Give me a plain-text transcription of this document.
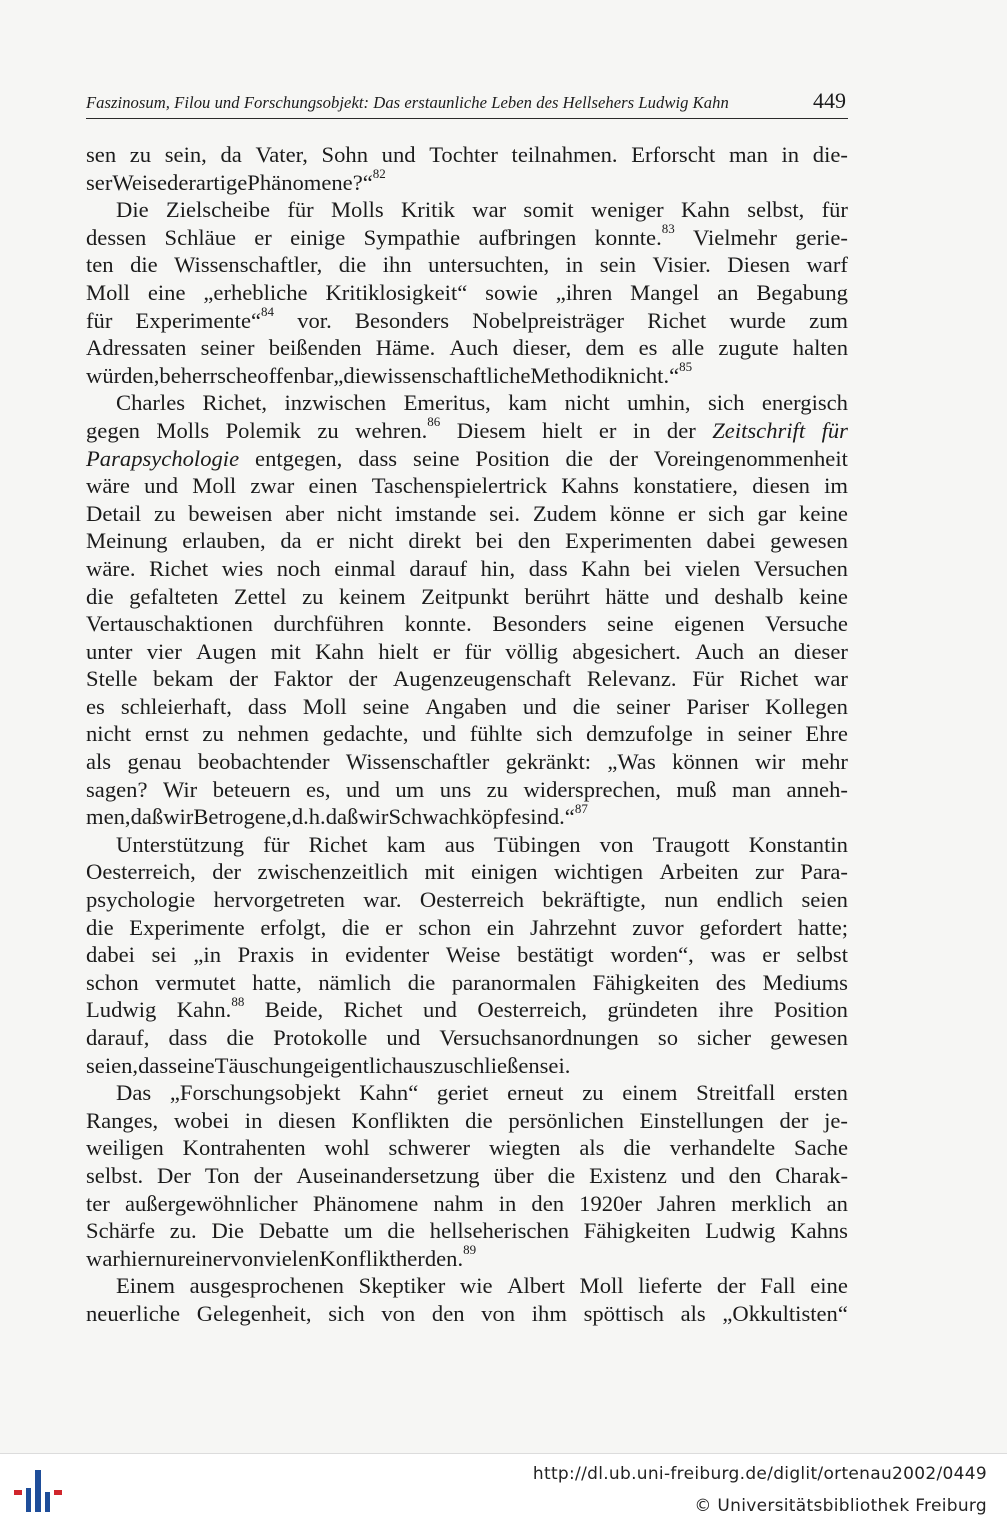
Faszinosum, Filou und Forschungsobjekt: Das erstaunliche Leben des Hellsehers Ludwig Kahn	449
sen zu sein, da Vater, Sohn und Tochter teilnahmen. Erforscht man in die-
ser Weise derartige Phänomene?“$^{82}$
Die Zielscheibe für Molls Kritik war somit weniger Kahn selbst, für
dessen Schläue er einige Sympathie aufbringen konnte.$^{83}$ Vielmehr gerie-
ten die Wissenschaftler, die ihn untersuchten, in sein Visier. Diesen warf
Moll eine „erhebliche Kritiklosigkeit“ sowie „ihren Mangel an Begabung
für Experimente“$^{84}$ vor. Besonders Nobelpreisträger Richet wurde zum
Adressaten seiner beißenden Häme. Auch dieser, dem es alle zugute halten
würden, beherrsche offenbar „die wissenschaftliche Methodik nicht.“$^{85}$
Charles Richet, inzwischen Emeritus, kam nicht umhin, sich energisch
gegen Molls Polemik zu wehren.$^{86}$ Diesem hielt er in der Zeitschrift für
Parapsychologie entgegen, dass seine Position die der Voreingenommenheit
wäre und Moll zwar einen Taschenspielertrick Kahns konstatiere, diesen im
Detail zu beweisen aber nicht imstande sei. Zudem könne er sich gar keine
Meinung erlauben, da er nicht direkt bei den Experimenten dabei gewesen
wäre. Richet wies noch einmal darauf hin, dass Kahn bei vielen Versuchen
die gefalteten Zettel zu keinem Zeitpunkt berührt hätte und deshalb keine
Vertauschaktionen durchführen konnte. Besonders seine eigenen Versuche
unter vier Augen mit Kahn hielt er für völlig abgesichert. Auch an dieser
Stelle bekam der Faktor der Augenzeugenschaft Relevanz. Für Richet war
es schleierhaft, dass Moll seine Angaben und die seiner Pariser Kollegen
nicht ernst zu nehmen gedachte, und fühlte sich demzufolge in seiner Ehre
als genau beobachtender Wissenschaftler gekränkt: „Was können wir mehr
sagen? Wir beteuern es, und um uns zu widersprechen, muß man anneh-
men, daß wir Betrogene, d.h. daß wir Schwachköpfe sind.“$^{87}$
Unterstützung für Richet kam aus Tübingen von Traugott Konstantin
Oesterreich, der zwischenzeitlich mit einigen wichtigen Arbeiten zur Para-
psychologie hervorgetreten war. Oesterreich bekräftigte, nun endlich seien
die Experimente erfolgt, die er schon ein Jahrzehnt zuvor gefordert hatte;
dabei sei „in Praxis in evidenter Weise bestätigt worden“, was er selbst
schon vermutet hatte, nämlich die paranormalen Fähigkeiten des Mediums
Ludwig Kahn.$^{88}$ Beide, Richet und Oesterreich, gründeten ihre Position
darauf, dass die Protokolle und Versuchsanordnungen so sicher gewesen
seien, dass eine Täuschung eigentlich auszuschließen sei.
Das „Forschungsobjekt Kahn“ geriet erneut zu einem Streitfall ersten
Ranges, wobei in diesen Konflikten die persönlichen Einstellungen der je-
weiligen Kontrahenten wohl schwerer wiegten als die verhandelte Sache
selbst. Der Ton der Auseinandersetzung über die Existenz und den Charak-
ter außergewöhnlicher Phänomene nahm in den 1920er Jahren merklich an
Schärfe zu. Die Debatte um die hellseherischen Fähigkeiten Ludwig Kahns
war hier nur einer von vielen Konfliktherden.$^{89}$
Einem ausgesprochenen Skeptiker wie Albert Moll lieferte der Fall eine
neuerliche Gelegenheit, sich von den von ihm spöttisch als „Okkultisten“
http://dl.ub.uni-freiburg.de/diglit/ortenau2002/0449
© Universitätsbibliothek Freiburg
